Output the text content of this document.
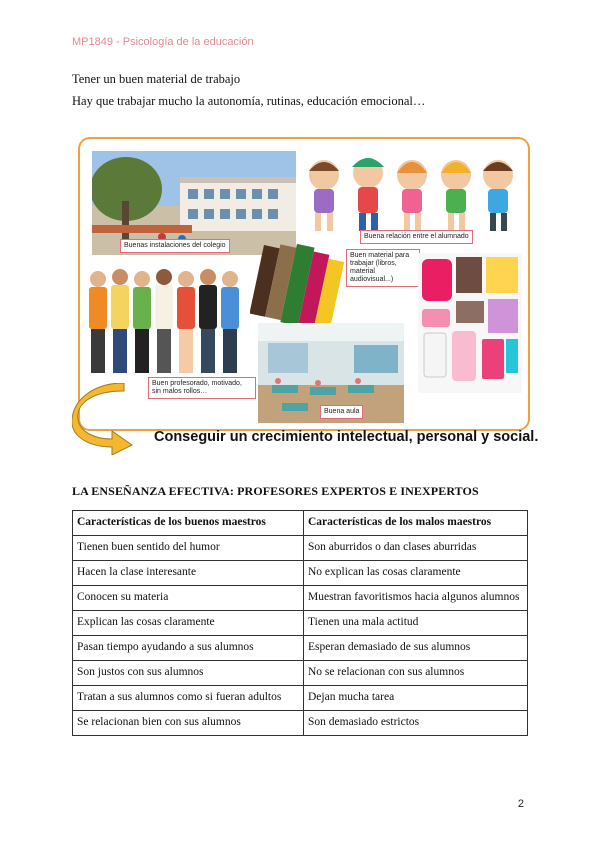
MP1849 - Psicología de la educación
Tener un buen material de trabajo
Hay que trabajar mucho la autonomía, rutinas, educación emocional…
Buenas instalaciones del colegio
Buena relación entre el alumnado
Buen profesorado, motivado, sin malos rollos…
Buen material para trabajar (libros, material audiovisual...)
Buena aula
Conseguir un crecimiento intelectual, personal y social.
LA ENSEÑANZA EFECTIVA: PROFESORES EXPERTOS E INEXPERTOS
Características de los buenos maestros	Características de los malos maestros
Tienen buen sentido del humor	Son aburridos o dan clases aburridas
Hacen la clase interesante	No explican las cosas claramente
Conocen su materia	Muestran favoritismos hacia algunos alumnos
Explican las cosas claramente	Tienen una mala actitud
Pasan tiempo ayudando a sus alumnos	Esperan demasiado de sus alumnos
Son justos con sus alumnos	No se relacionan con sus alumnos
Tratan a sus alumnos como si fueran adultos	Dejan mucha tarea
Se relacionan bien con sus alumnos	Son demasiado estrictos
2
